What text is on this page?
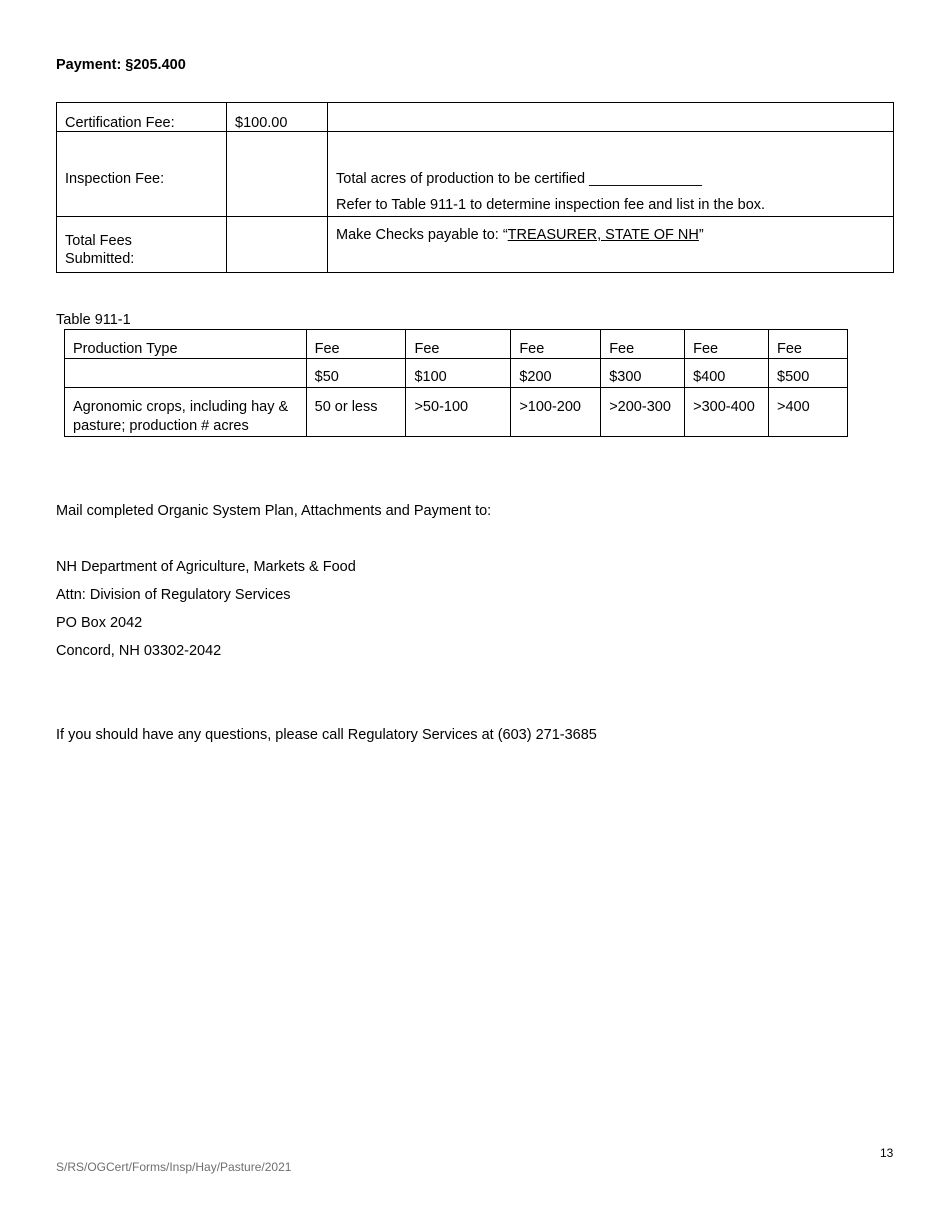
Payment: §205.400
Certification Fee:	$100.00	

Inspection Fee:		Total acres of production to be certified ______________
Refer to Table 911-1 to determine inspection fee and list in the box.

Total Fees Submitted:		Make Checks payable to: “TREASURER, STATE OF NH”
Table 911-1
Production Type	Fee	Fee	Fee	Fee	Fee	Fee

	$50	$100	$200	$300	$400	$500

Agronomic crops, including hay & pasture; production # acres	50 or less	>50-100	>100-200	>200-300	>300-400	>400
Mail completed Organic System Plan, Attachments and Payment to:
NH Department of Agriculture, Markets & Food
Attn: Division of Regulatory Services
PO Box 2042
Concord, NH 03302-2042
If you should have any questions, please call Regulatory Services at (603) 271-3685
13
S/RS/OGCert/Forms/Insp/Hay/Pasture/2021
